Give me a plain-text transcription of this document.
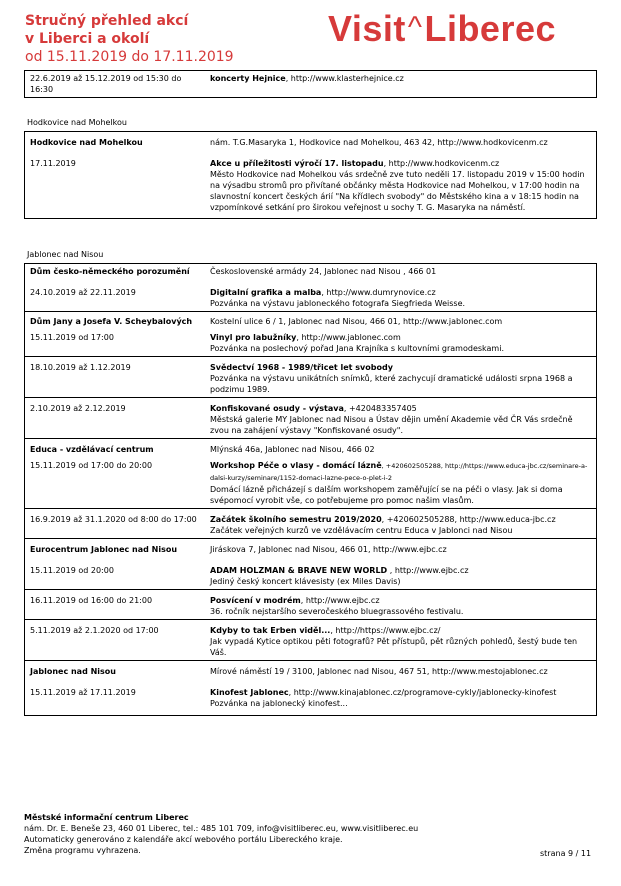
Stručný přehled akcí
v Liberci a okolí
od 15.11.2019 do 17.11.2019
Visit^Liberec
22.6.2019 až 15.12.2019 od 15:30 do 16:30	koncerty Hejnice, http://www.klasterhejnice.cz
Hodkovice nad Mohelkou
Hodkovice nad Mohelkou	nám. T.G.Masaryka 1, Hodkovice nad Mohelkou, 463 42, http://www.hodkovicenm.cz
17.11.2019	Akce u příležitosti výročí 17. listopadu, http://www.hodkovicenm.cz
Město Hodkovice nad Mohelkou vás srdečně zve tuto neděli 17. listopadu 2019 v 15:00 hodin na výsadbu stromů pro přivítané občánky města Hodkovice nad Mohelkou, v 17:00 hodin na slavnostní koncert českých árií "Na křídlech svobody" do Městského kina a v 18:15 hodin na vzpomínkové setkání pro širokou veřejnost u sochy T. G. Masaryka na náměstí.
Jablonec nad Nisou
Dům česko-německého porozumění	Československé armády 24, Jablonec nad Nisou , 466 01
24.10.2019 až 22.11.2019	Digitalní grafika a malba, http://www.dumrynovice.cz
Pozvánka na výstavu jabloneckého fotografa Siegfrieda Weisse.
Dům Jany a Josefa V. Scheybalových	Kostelní ulice 6 / 1, Jablonec nad Nisou, 466 01, http://www.jablonec.com
15.11.2019 od 17:00	Vinyl pro labužníky, http://www.jablonec.com
Pozvánka na poslechový pořad Jana Krajníka s kultovními gramodeskami.
18.10.2019 až 1.12.2019	Svědectví 1968 - 1989/třicet let svobody
Pozvánka na výstavu unikátních snímků, které zachycují dramatické události srpna 1968 a podzimu 1989.
2.10.2019 až 2.12.2019	Konfiskované osudy - výstava, +420483357405
Městská galerie MY Jablonec nad Nisou a Ústav dějin umění Akademie věd ČR Vás srdečně zvou na zahájení výstavy "Konfiskované osudy".
Educa - vzdělávací centrum	Mlýnská 46a, Jablonec nad Nisou, 466 02
15.11.2019 od 17:00 do 20:00	Workshop Péče o vlasy - domácí lázně, +420602505288, http://https://www.educa-jbc.cz/seminare-a-dalsi-kurzy/seminare/1152-domaci-lazne-pece-o-plet-i-2
Domácí lázně přicházejí s dalším workshopem zaměřující se na péči o vlasy. Jak si doma svépomocí vyrobit vše, co potřebujeme pro pomoc našim vlasům.
16.9.2019 až 31.1.2020 od 8:00 do 17:00	Začátek školního semestru 2019/2020, +420602505288, http://www.educa-jbc.cz
Začátek veřejných kurzů ve vzdělávacím centru Educa v Jablonci nad Nisou
Eurocentrum Jablonec nad Nisou	Jiráskova 7, Jablonec nad Nisou, 466 01, http://www.ejbc.cz
15.11.2019 od 20:00	ADAM HOLZMAN & BRAVE NEW WORLD , http://www.ejbc.cz
Jediný český koncert klávesisty (ex Miles Davis)
16.11.2019 od 16:00 do 21:00	Posvícení v modrém, http://www.ejbc.cz
36. ročník nejstaršího severočeského bluegrassového festivalu.
5.11.2019 až 2.1.2020 od 17:00	Kdyby to tak Erben viděl..., http://https://www.ejbc.cz/
Jak vypadá Kytice optikou pěti fotografů? Pět přístupů, pět různých pohledů, šestý bude ten Váš.
Jablonec nad Nisou	Mírové náměstí 19 / 3100, Jablonec nad Nisou, 467 51, http://www.mestojablonec.cz
15.11.2019 až 17.11.2019	Kinofest Jablonec, http://www.kinajablonec.cz/programove-cykly/jablonecky-kinofest
Pozvánka na jablonecký kinofest...
Městské informační centrum Liberec
nám. Dr. E. Beneše 23, 460 01 Liberec, tel.: 485 101 709, info@visitliberec.eu, www.visitliberec.eu
Automaticky generováno z kalendáře akcí webového portálu Libereckého kraje.
Změna programu vyhrazena.	strana 9 / 11
